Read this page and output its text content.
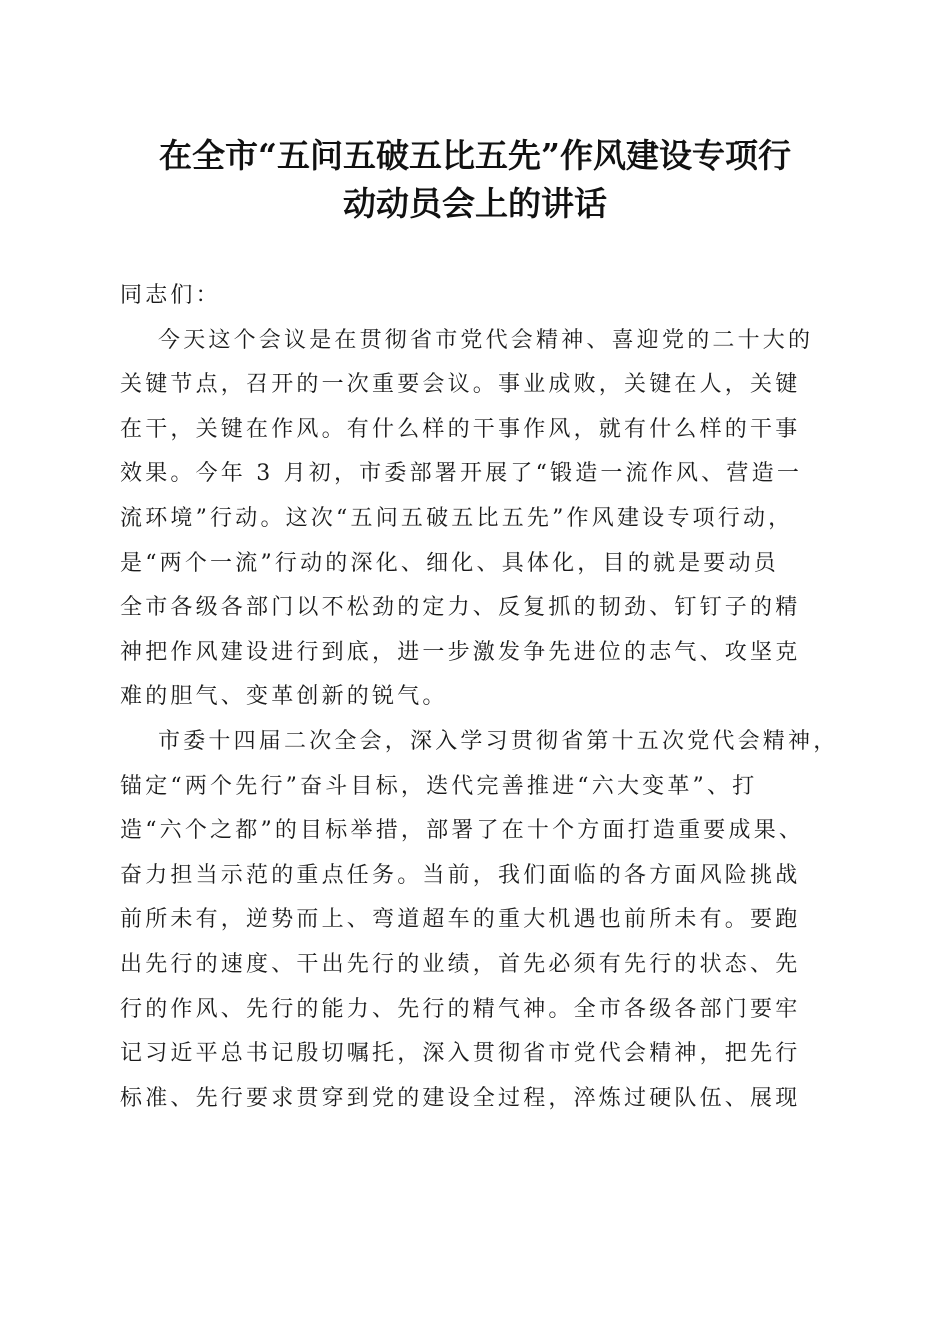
在全市“五问五破五比五先”作风建设专项行
动动员会上的讲话
同志们：
今天这个会议是在贯彻省市党代会精神、喜迎党的二十大的
关键节点，召开的一次重要会议。事业成败，关键在人，关键
在干，关键在作风。有什么样的干事作风，就有什么样的干事
效果。今年 3 月初，市委部署开展了“锻造一流作风、营造一
流环境”行动。这次“五问五破五比五先”作风建设专项行动，
是“两个一流”行动的深化、细化、具体化，目的就是要动员
全市各级各部门以不松劲的定力、反复抓的韧劲、钉钉子的精
神把作风建设进行到底，进一步激发争先进位的志气、攻坚克
难的胆气、变革创新的锐气。
市委十四届二次全会，深入学习贯彻省第十五次党代会精神，
锚定“两个先行”奋斗目标，迭代完善推进“六大变革”、打
造“六个之都”的目标举措，部署了在十个方面打造重要成果、
奋力担当示范的重点任务。当前，我们面临的各方面风险挑战
前所未有，逆势而上、弯道超车的重大机遇也前所未有。要跑
出先行的速度、干出先行的业绩，首先必须有先行的状态、先
行的作风、先行的能力、先行的精气神。全市各级各部门要牢
记习近平总书记殷切嘱托，深入贯彻省市党代会精神，把先行
标准、先行要求贯穿到党的建设全过程，淬炼过硬队伍、展现
